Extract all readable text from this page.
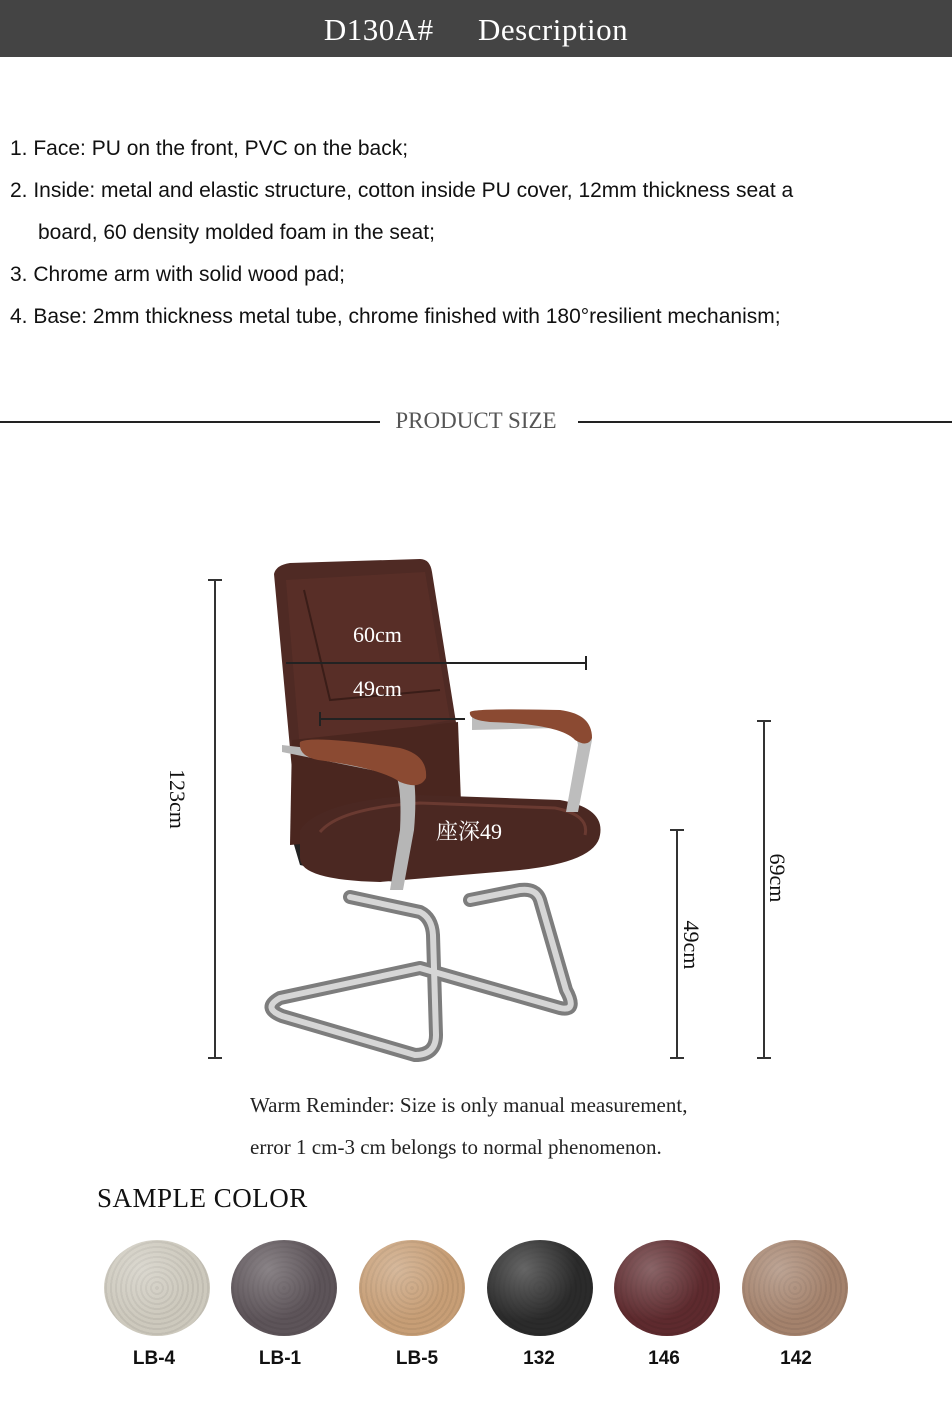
D130A# Description
1. Face: PU on the front, PVC on the back;
2. Inside: metal and elastic structure, cotton inside PU cover, 12mm thickness seat a
board, 60 density molded foam in the seat;
3. Chrome arm with solid wood pad;
4. Base: 2mm thickness metal tube, chrome finished with 180°resilient mechanism;
PRODUCT SIZE
60cm
49cm
座深49
123cm
49cm
69cm
Warm Reminder: Size is only manual measurement,
error 1 cm-3 cm belongs to normal phenomenon.
SAMPLE COLOR
LB-4	LB-1	LB-5	132	146	142
